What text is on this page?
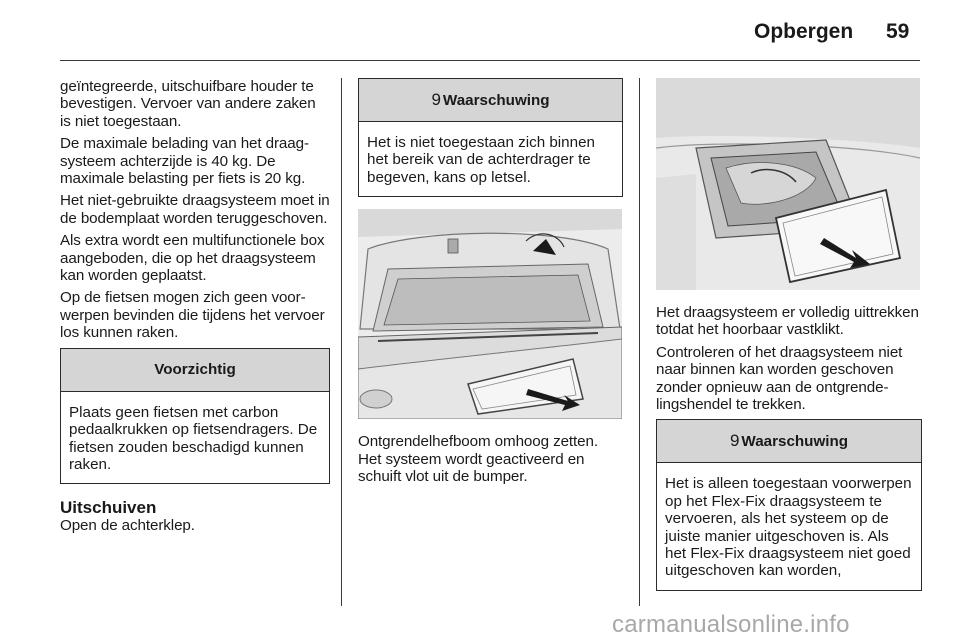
Opbergen 59

geïntegreerde, uitschuifbare houder te bevestigen. Vervoer van andere zaken is niet toegestaan.

De maximale belading van het draagsysteem achterzijde is 40 kg. De maximale belasting per fiets is 20 kg.

Het niet-gebruikte draagsysteem moet in de bodemplaat worden teruggeschoven.

Als extra wordt een multifunctionele box aangeboden, die op het draagsysteem kan worden geplaatst.

Op de fietsen mogen zich geen voorwerpen bevinden die tijdens het vervoer los kunnen raken.

Voorzichtig
Plaats geen fietsen met carbon pedaalkrukken op fietsendragers. De fietsen zouden beschadigd kunnen raken.
Uitschuiven

Open de achterklep.

9 Waarschuwing
Het is niet toegestaan zich binnen het bereik van de achterdrager te begeven, kans op letsel.

Ontgrendelhefboom omhoog zetten. Het systeem wordt geactiveerd en schuift vlot uit de bumper.

Het draagsysteem er volledig uittrekken totdat het hoorbaar vastklikt.

Controleren of het draagsysteem niet naar binnen kan worden geschoven zonder opnieuw aan de ontgrendelingshendel te trekken.

9 Waarschuwing
Het is alleen toegestaan voorwerpen op het Flex-Fix draagsysteem te vervoeren, als het systeem op de juiste manier uitgeschoven is. Als het Flex-Fix draagsysteem niet goed uitgeschoven kan worden,
carmanualsonline.info
